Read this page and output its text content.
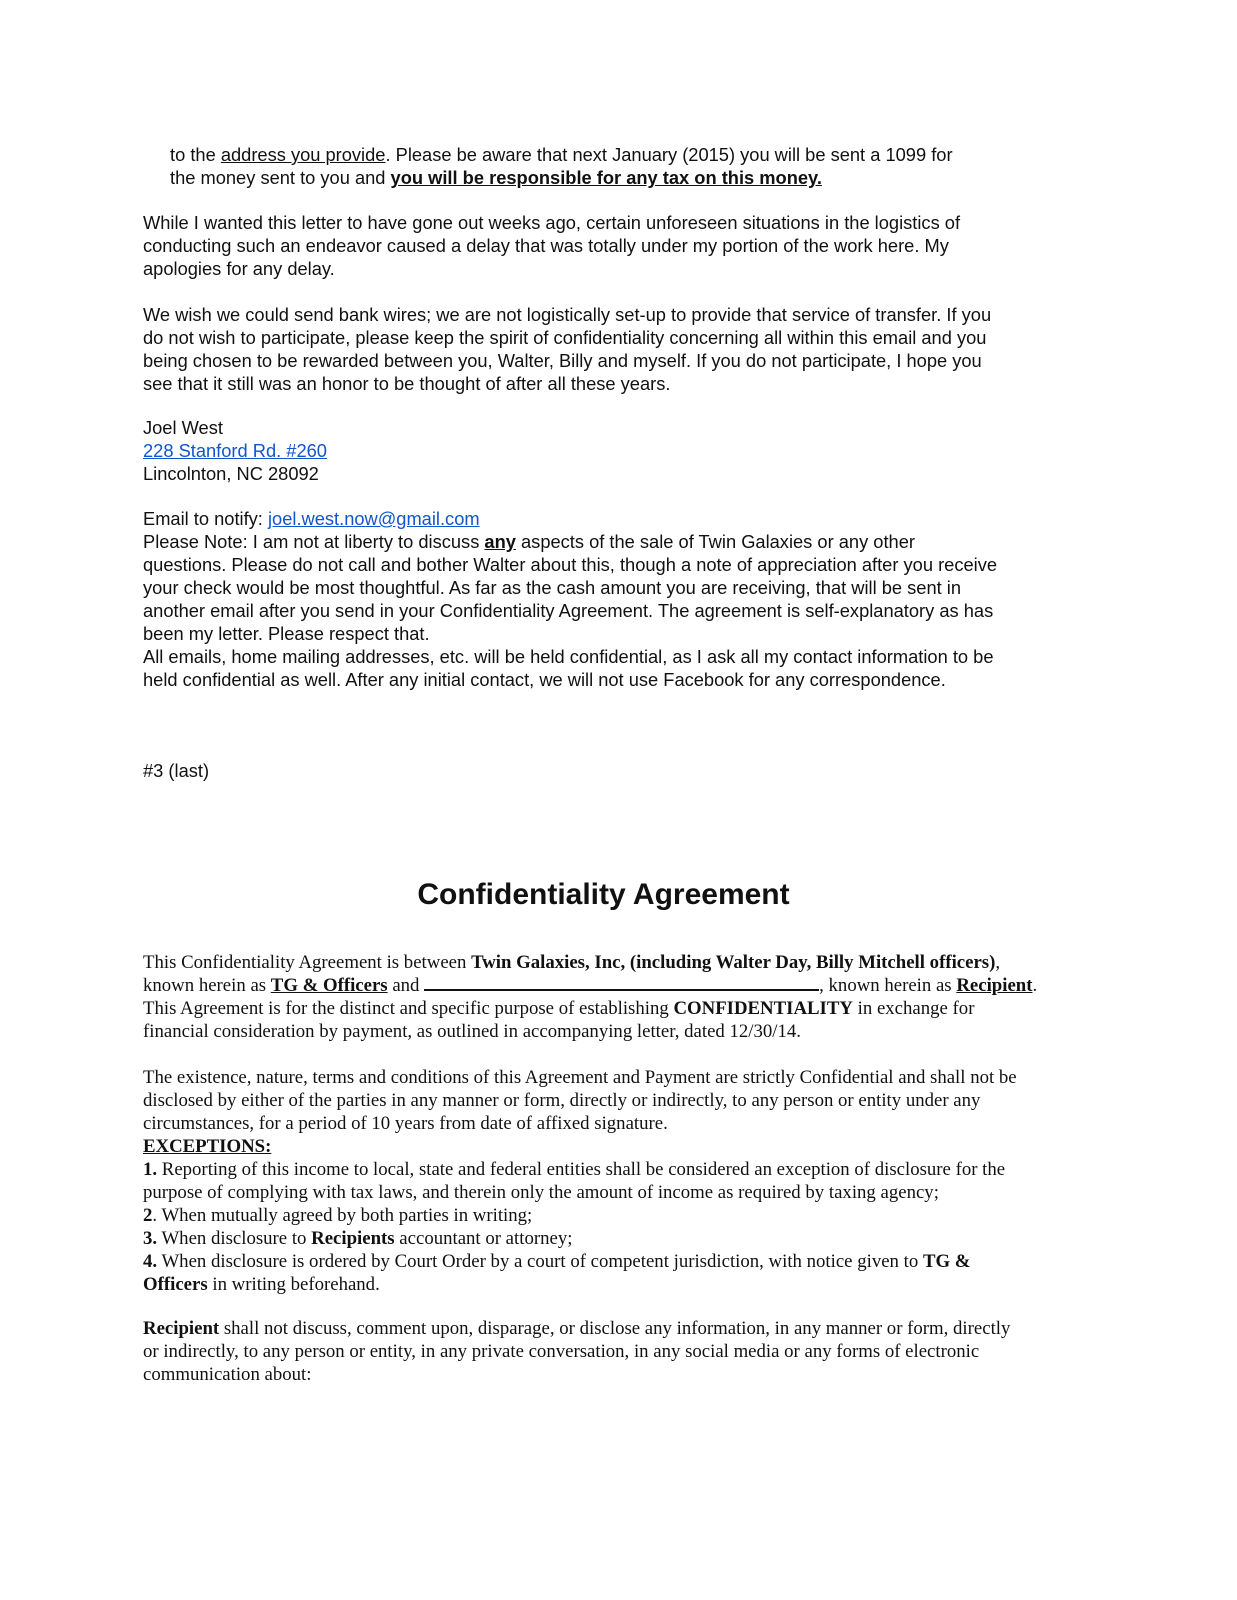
to the address you provide. Please be aware that next January (2015) you will be sent a 1099 for
the money sent to you and you will be responsible for any tax on this money.
While I wanted this letter to have gone out weeks ago, certain unforeseen situations in the logistics of
conducting such an endeavor caused a delay that was totally under my portion of the work here. My
apologies for any delay.
We wish we could send bank wires; we are not logistically set-up to provide that service of transfer. If you
do not wish to participate, please keep the spirit of confidentiality concerning all within this email and you
being chosen to be rewarded between you, Walter, Billy and myself. If you do not participate, I hope you
see that it still was an honor to be thought of after all these years.
Joel West
228 Stanford Rd. #260
Lincolnton, NC 28092
Email to notify: joel.west.now@gmail.com
Please Note: I am not at liberty to discuss any aspects of the sale of Twin Galaxies or any other
questions. Please do not call and bother Walter about this, though a note of appreciation after you receive
your check would be most thoughtful. As far as the cash amount you are receiving, that will be sent in
another email after you send in your Confidentiality Agreement. The agreement is self-explanatory as has
been my letter. Please respect that.
All emails, home mailing addresses, etc. will be held confidential, as I ask all my contact information to be
held confidential as well. After any initial contact, we will not use Facebook for any correspondence.
#3 (last)
Confidentiality Agreement
This Confidentiality Agreement is between Twin Galaxies, Inc, (including Walter Day, Billy Mitchell officers),
known herein as TG & Officers and	, known herein as Recipient.
This Agreement is for the distinct and specific purpose of establishing CONFIDENTIALITY in exchange for
financial consideration by payment, as outlined in accompanying letter, dated 12/30/14.
The existence, nature, terms and conditions of this Agreement and Payment are strictly Confidential and shall not be
disclosed by either of the parties in any manner or form, directly or indirectly, to any person or entity under any
circumstances, for a period of 10 years from date of affixed signature.
EXCEPTIONS:
1. Reporting of this income to local, state and federal entities shall be considered an exception of disclosure for the
purpose of complying with tax laws, and therein only the amount of income as required by taxing agency;
2. When mutually agreed by both parties in writing;
3. When disclosure to Recipients accountant or attorney;
4. When disclosure is ordered by Court Order by a court of competent jurisdiction, with notice given to TG &
Officers in writing beforehand.
Recipient shall not discuss, comment upon, disparage, or disclose any information, in any manner or form, directly
or indirectly, to any person or entity, in any private conversation, in any social media or any forms of electronic
communication about:
